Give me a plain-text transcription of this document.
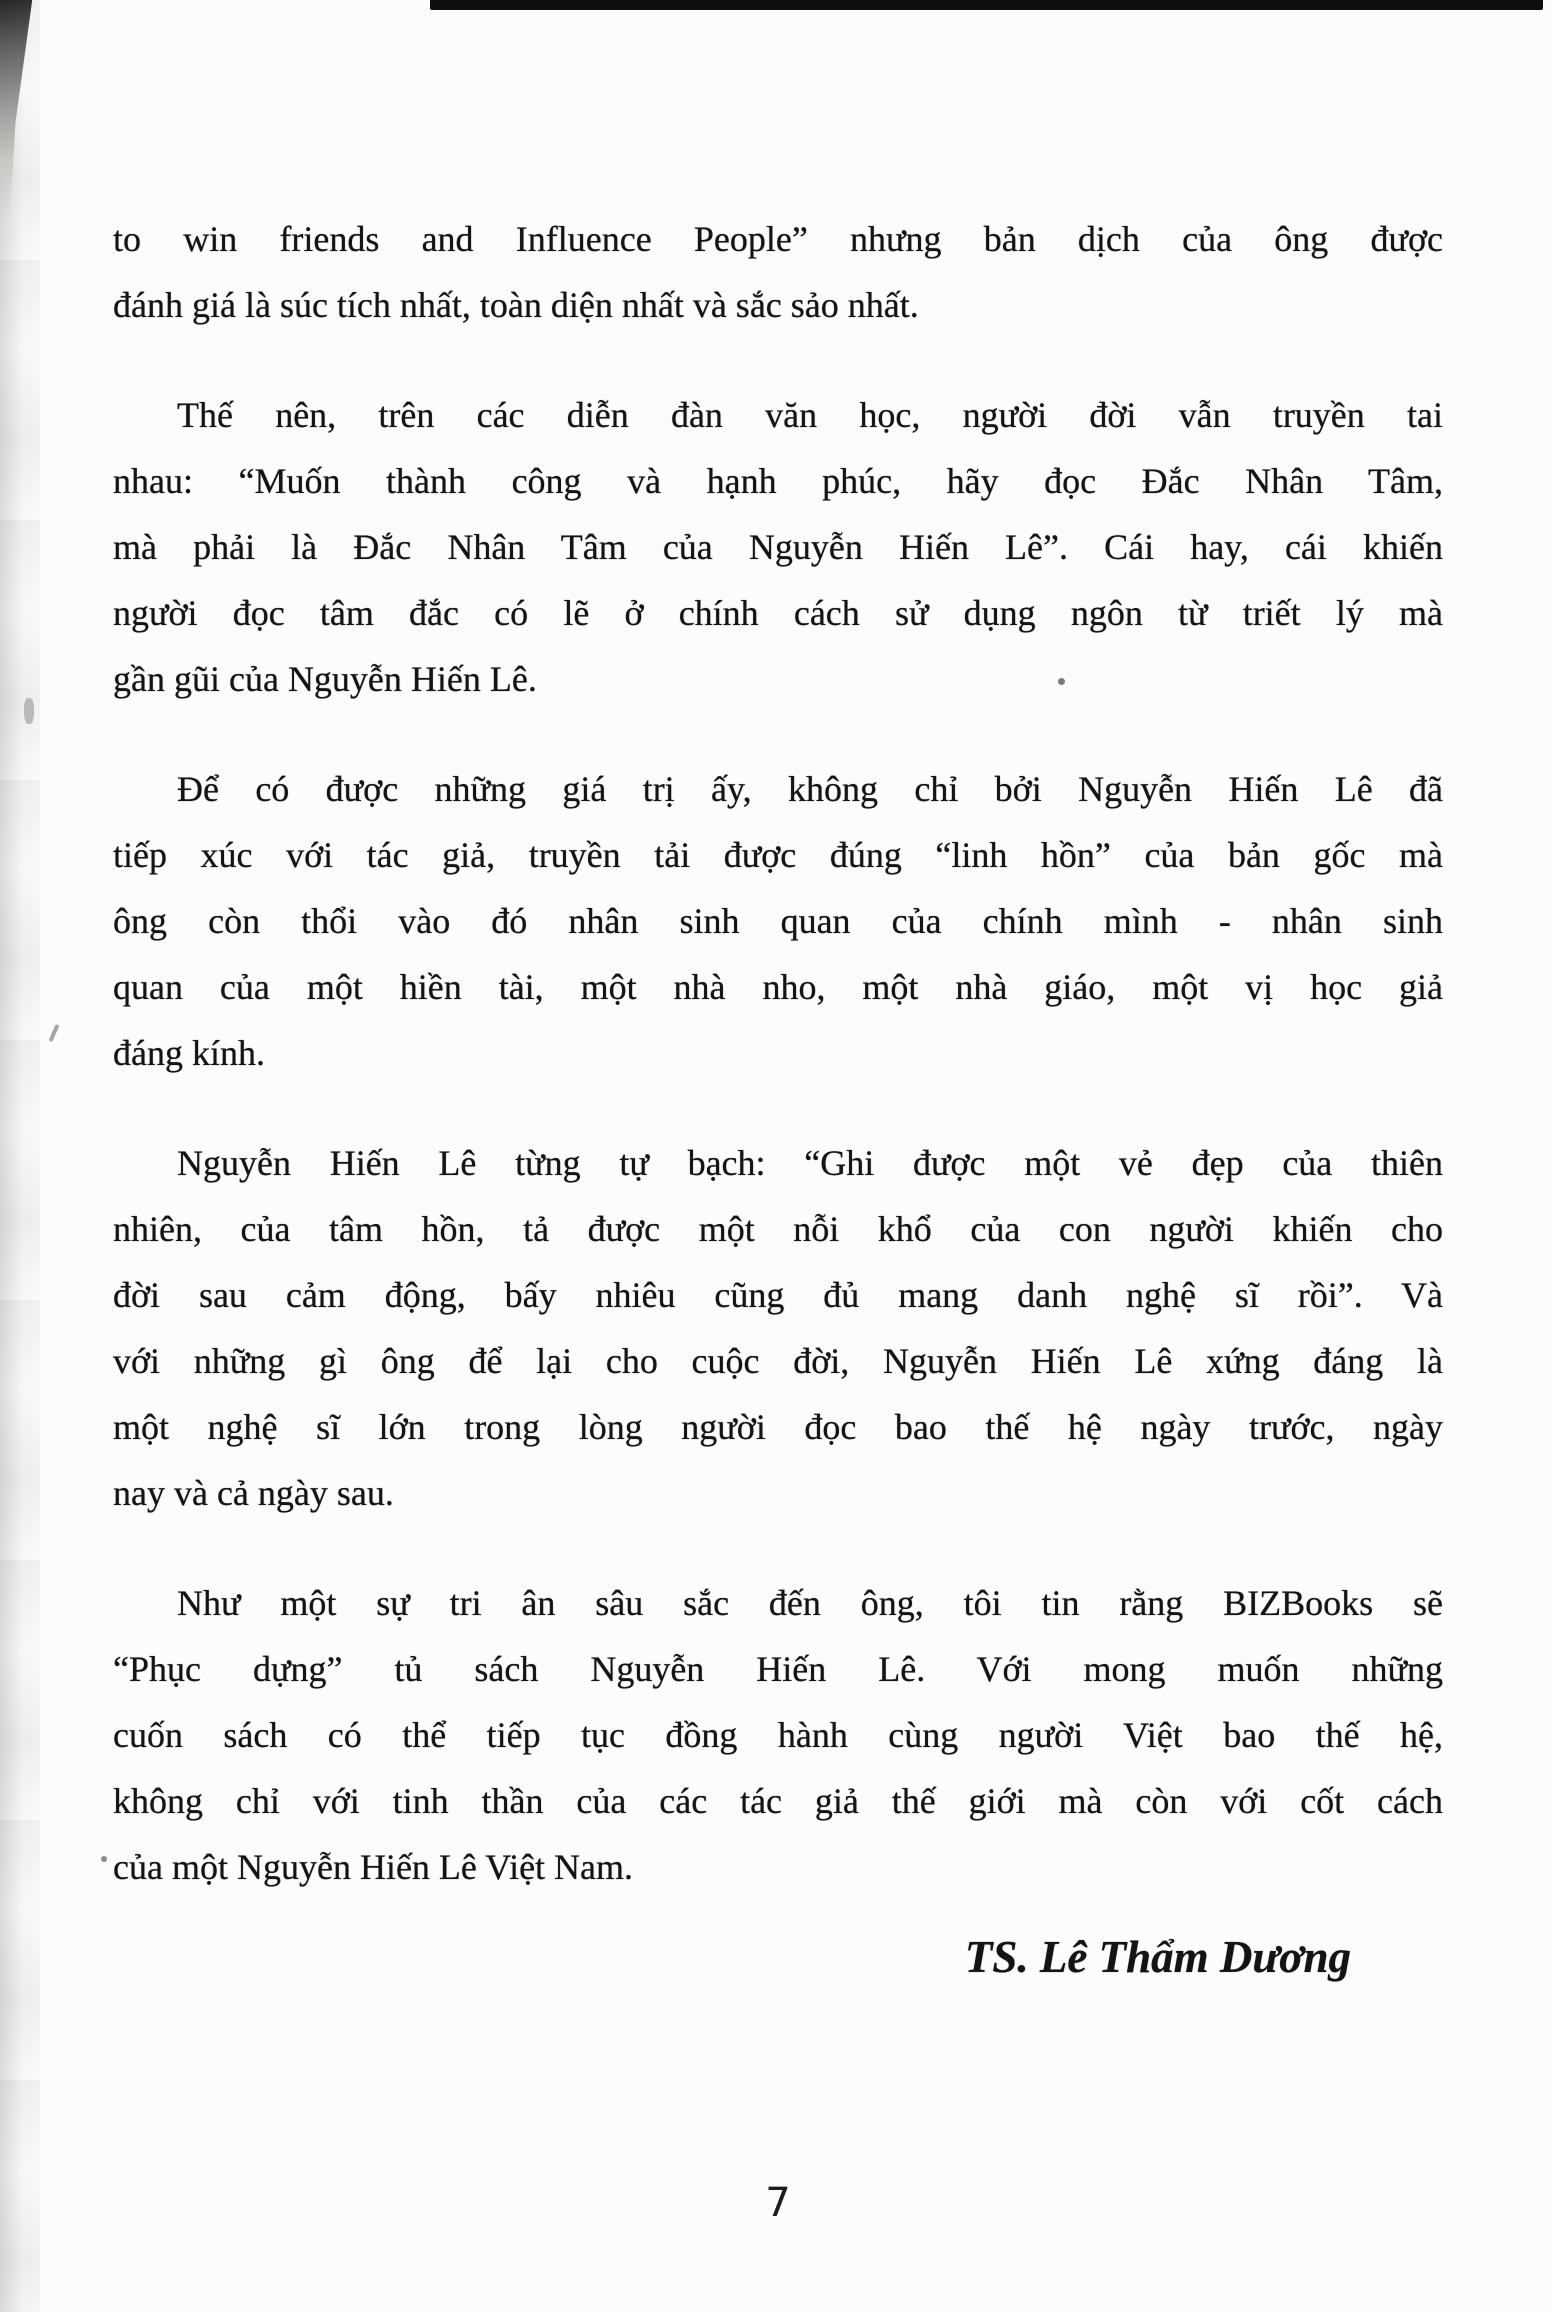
to win friends and Influence People” nhưng bản dịch của ông được
đánh giá là súc tích nhất, toàn diện nhất và sắc sảo nhất.
Thế nên, trên các diễn đàn văn học, người đời vẫn truyền tai
nhau: “Muốn thành công và hạnh phúc, hãy đọc Đắc Nhân Tâm,
mà phải là Đắc Nhân Tâm của Nguyễn Hiến Lê”. Cái hay, cái khiến
người đọc tâm đắc có lẽ ở chính cách sử dụng ngôn từ triết lý mà
gần gũi của Nguyễn Hiến Lê.
Để có được những giá trị ấy, không chỉ bởi Nguyễn Hiến Lê đã
tiếp xúc với tác giả, truyền tải được đúng “linh hồn” của bản gốc mà
ông còn thổi vào đó nhân sinh quan của chính mình - nhân sinh
quan của một hiền tài, một nhà nho, một nhà giáo, một vị học giả
đáng kính.
Nguyễn Hiến Lê từng tự bạch: “Ghi được một vẻ đẹp của thiên
nhiên, của tâm hồn, tả được một nỗi khổ của con người khiến cho
đời sau cảm động, bấy nhiêu cũng đủ mang danh nghệ sĩ rồi”. Và
với những gì ông để lại cho cuộc đời, Nguyễn Hiến Lê xứng đáng là
một nghệ sĩ lớn trong lòng người đọc bao thế hệ ngày trước, ngày
nay và cả ngày sau.
Như một sự tri ân sâu sắc đến ông, tôi tin rằng BIZBooks sẽ
“Phục dựng” tủ sách Nguyễn Hiến Lê. Với mong muốn những
cuốn sách có thể tiếp tục đồng hành cùng người Việt bao thế hệ,
không chỉ với tinh thần của các tác giả thế giới mà còn với cốt cách
của một Nguyễn Hiến Lê Việt Nam.
TS. Lê Thẩm Dương
7
